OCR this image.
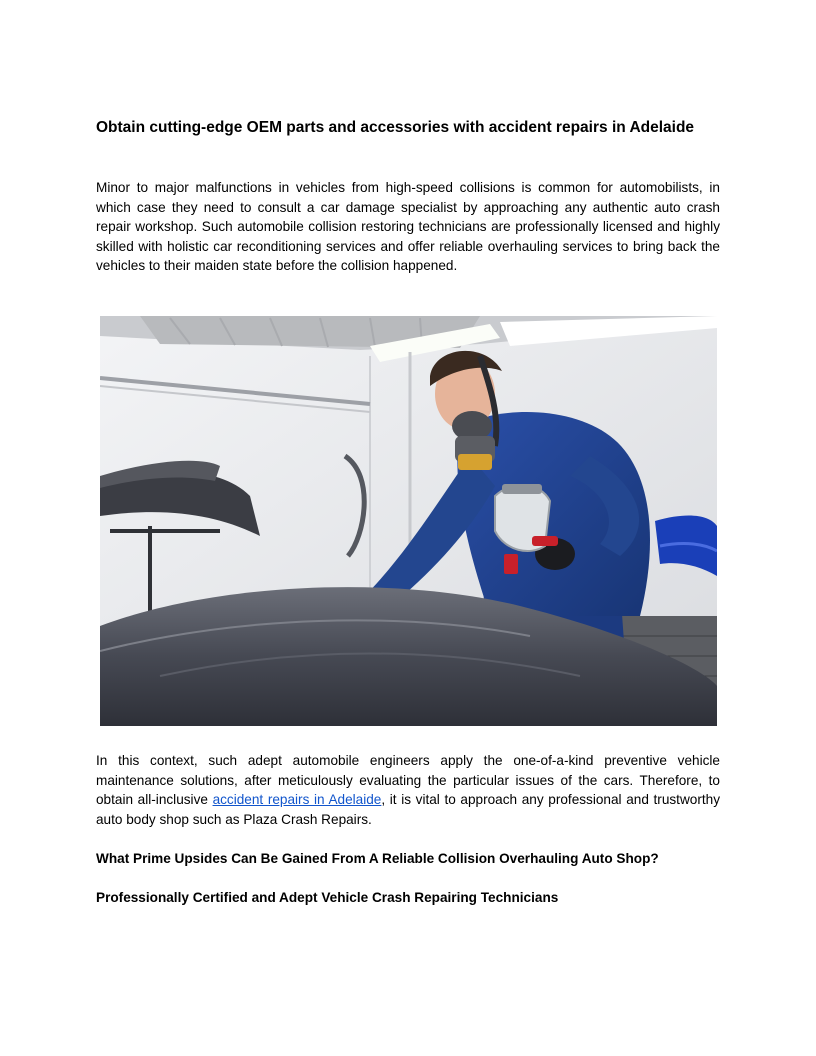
Obtain cutting-edge OEM parts and accessories with accident repairs in Adelaide

Minor to major malfunctions in vehicles from high-speed collisions is common for automobilists, in which case they need to consult a car damage specialist by approaching any authentic auto crash repair workshop. Such automobile collision restoring technicians are professionally licensed and highly skilled with holistic car reconditioning services and offer reliable overhauling services to bring back the vehicles to their maiden state before the collision happened.

In this context, such adept automobile engineers apply the one-of-a-kind preventive vehicle maintenance solutions, after meticulously evaluating the particular issues of the cars. Therefore, to obtain all-inclusive accident repairs in Adelaide, it is vital to approach any professional and trustworthy auto body shop such as Plaza Crash Repairs.

What Prime Upsides Can Be Gained From A Reliable Collision Overhauling Auto Shop?
Professionally Certified and Adept Vehicle Crash Repairing Technicians
